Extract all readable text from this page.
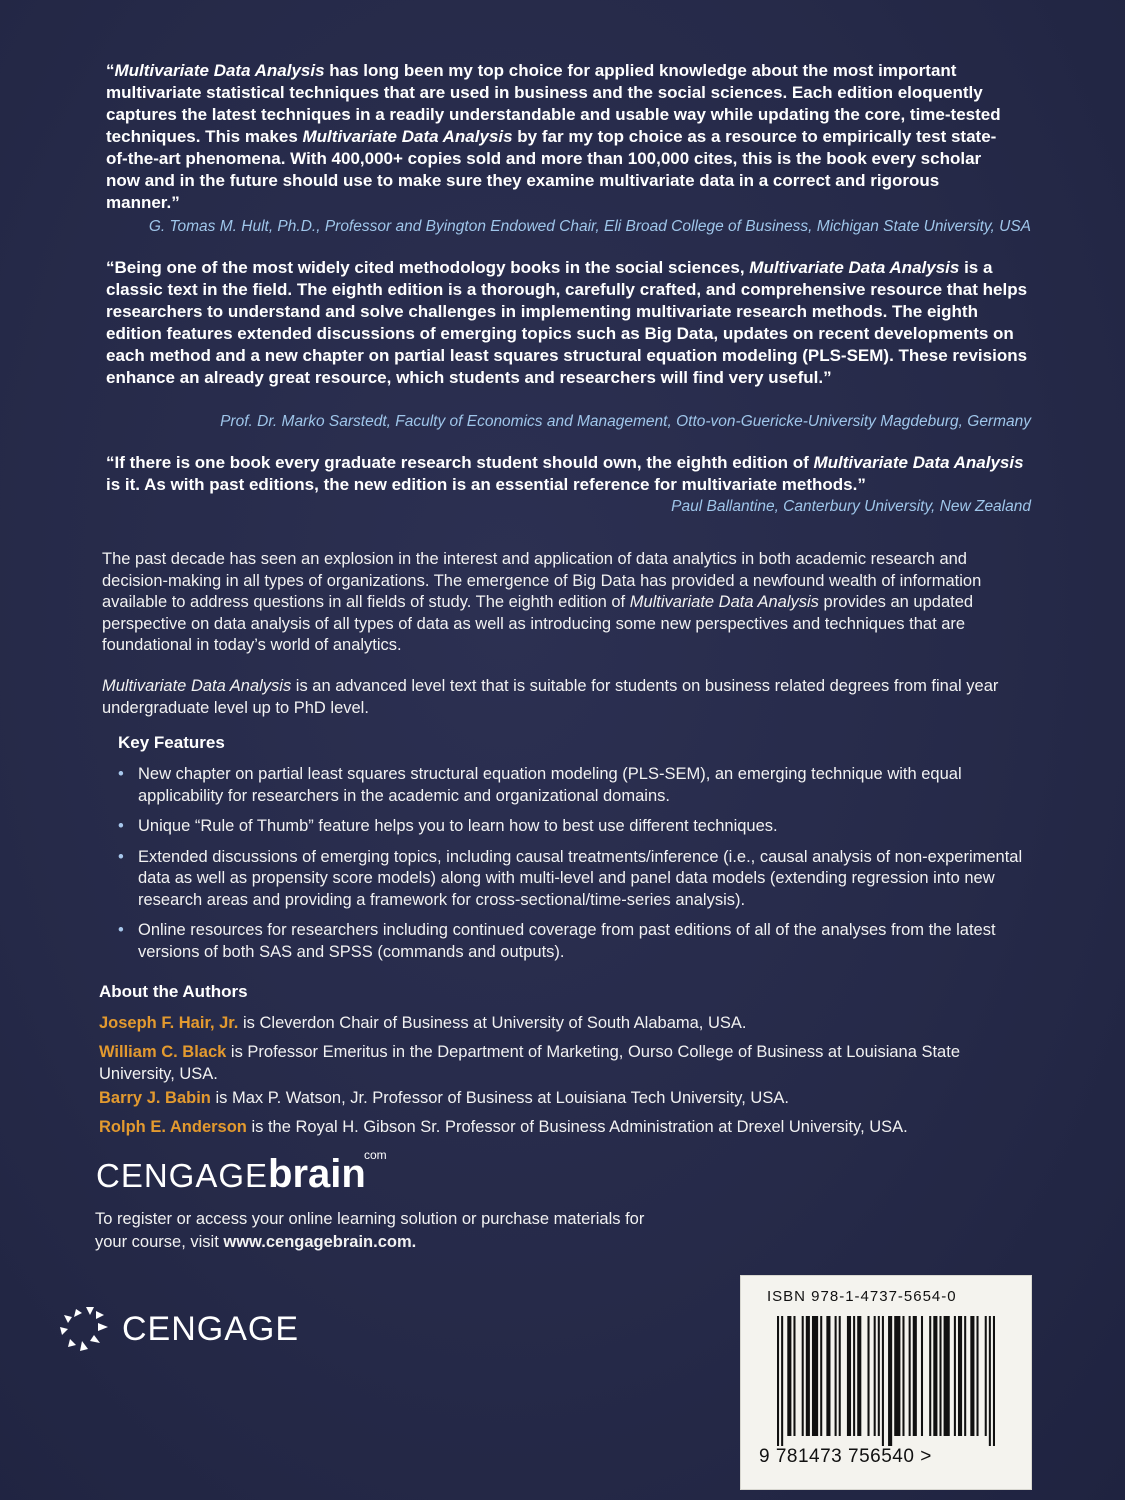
“Multivariate Data Analysis has long been my top choice for applied knowledge about the most important multivariate statistical techniques that are used in business and the social sciences. Each edition eloquently captures the latest techniques in a readily understandable and usable way while updating the core, time-tested techniques. This makes Multivariate Data Analysis by far my top choice as a resource to empirically test state-of-the-art phenomena. With 400,000+ copies sold and more than 100,000 cites, this is the book every scholar now and in the future should use to make sure they examine multivariate data in a correct and rigorous manner.”
G. Tomas M. Hult, Ph.D., Professor and Byington Endowed Chair, Eli Broad College of Business, Michigan State University, USA
“Being one of the most widely cited methodology books in the social sciences, Multivariate Data Analysis is a classic text in the field. The eighth edition is a thorough, carefully crafted, and comprehensive resource that helps researchers to understand and solve challenges in implementing multivariate research methods. The eighth edition features extended discussions of emerging topics such as Big Data, updates on recent developments on each method and a new chapter on partial least squares structural equation modeling (PLS-SEM). These revisions enhance an already great resource, which students and researchers will find very useful.”
Prof. Dr. Marko Sarstedt, Faculty of Economics and Management, Otto-von-Guericke-University Magdeburg, Germany
“If there is one book every graduate research student should own, the eighth edition of Multivariate Data Analysis is it. As with past editions, the new edition is an essential reference for multivariate methods.”
Paul Ballantine, Canterbury University, New Zealand

The past decade has seen an explosion in the interest and application of data analytics in both academic research and decision-making in all types of organizations. The emergence of Big Data has provided a newfound wealth of information available to address questions in all fields of study. The eighth edition of Multivariate Data Analysis provides an updated perspective on data analysis of all types of data as well as introducing some new perspectives and techniques that are foundational in today’s world of analytics.

Multivariate Data Analysis is an advanced level text that is suitable for students on business related degrees from final year undergraduate level up to PhD level.

Key Features
• New chapter on partial least squares structural equation modeling (PLS-SEM), an emerging technique with equal applicability for researchers in the academic and organizational domains.
• Unique “Rule of Thumb” feature helps you to learn how to best use different techniques.
• Extended discussions of emerging topics, including causal treatments/inference (i.e., causal analysis of non-experimental data as well as propensity score models) along with multi-level and panel data models (extending regression into new research areas and providing a framework for cross-sectional/time-series analysis).
• Online resources for researchers including continued coverage from past editions of all of the analyses from the latest versions of both SAS and SPSS (commands and outputs).
About the Authors

Joseph F. Hair, Jr. is Cleverdon Chair of Business at University of South Alabama, USA.

William C. Black is Professor Emeritus in the Department of Marketing, Ourso College of Business at Louisiana State University, USA.

Barry J. Babin is Max P. Watson, Jr. Professor of Business at Louisiana Tech University, USA.

Rolph E. Anderson is the Royal H. Gibson Sr. Professor of Business Administration at Drexel University, USA.

CENGAGEbrain
com

To register or access your online learning solution or purchase materials for your course, visit www.cengagebrain.com.

CENGAGE
ISBN 978-1-4737-5654-0
9 781473 756540 >
